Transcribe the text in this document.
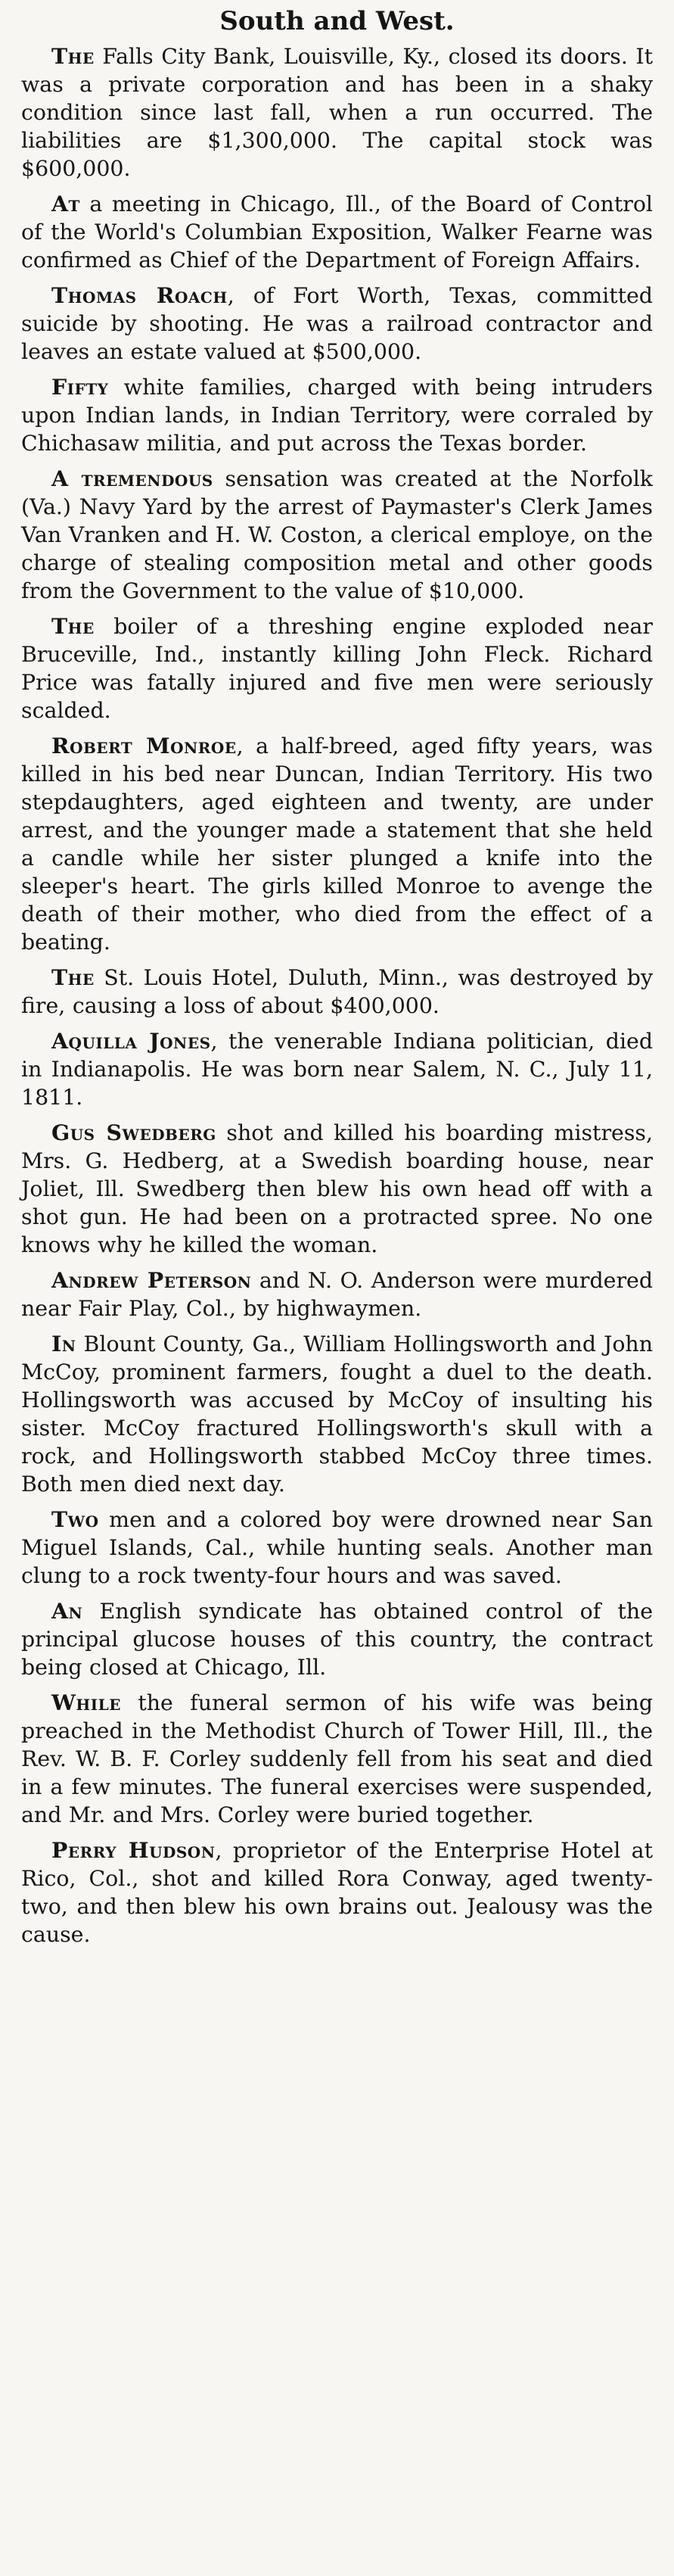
South and West.

The Falls City Bank, Louisville, Ky., closed its doors. It was a private corporation and has been in a shaky condition since last fall, when a run occurred. The liabilities are $1,300,000. The capital stock was $600,000.

At a meeting in Chicago, Ill., of the Board of Control of the World's Columbian Exposition, Walker Fearne was confirmed as Chief of the Department of Foreign Affairs.

Thomas Roach, of Fort Worth, Texas, committed suicide by shooting. He was a railroad contractor and leaves an estate valued at $500,000.

Fifty white families, charged with being intruders upon Indian lands, in Indian Territory, were corraled by Chichasaw militia, and put across the Texas border.

A tremendous sensation was created at the Norfolk (Va.) Navy Yard by the arrest of Paymaster's Clerk James Van Vranken and H. W. Coston, a clerical employe, on the charge of stealing composition metal and other goods from the Government to the value of $10,000.

The boiler of a threshing engine exploded near Bruceville, Ind., instantly killing John Fleck. Richard Price was fatally injured and five men were seriously scalded.

Robert Monroe, a half-breed, aged fifty years, was killed in his bed near Duncan, Indian Territory. His two stepdaughters, aged eighteen and twenty, are under arrest, and the younger made a statement that she held a candle while her sister plunged a knife into the sleeper's heart. The girls killed Monroe to avenge the death of their mother, who died from the effect of a beating.

The St. Louis Hotel, Duluth, Minn., was destroyed by fire, causing a loss of about $400,000.

Aquilla Jones, the venerable Indiana politician, died in Indianapolis. He was born near Salem, N. C., July 11, 1811.

Gus Swedberg shot and killed his boarding mistress, Mrs. G. Hedberg, at a Swedish boarding house, near Joliet, Ill. Swedberg then blew his own head off with a shot gun. He had been on a protracted spree. No one knows why he killed the woman.

Andrew Peterson and N. O. Anderson were murdered near Fair Play, Col., by highwaymen.

In Blount County, Ga., William Hollingsworth and John McCoy, prominent farmers, fought a duel to the death. Hollingsworth was accused by McCoy of insulting his sister. McCoy fractured Hollingsworth's skull with a rock, and Hollingsworth stabbed McCoy three times. Both men died next day.

Two men and a colored boy were drowned near San Miguel Islands, Cal., while hunting seals. Another man clung to a rock twenty-four hours and was saved.

An English syndicate has obtained control of the principal glucose houses of this country, the contract being closed at Chicago, Ill.

While the funeral sermon of his wife was being preached in the Methodist Church of Tower Hill, Ill., the Rev. W. B. F. Corley suddenly fell from his seat and died in a few minutes. The funeral exercises were suspended, and Mr. and Mrs. Corley were buried together.

Perry Hudson, proprietor of the Enterprise Hotel at Rico, Col., shot and killed Rora Conway, aged twenty-two, and then blew his own brains out. Jealousy was the cause.
